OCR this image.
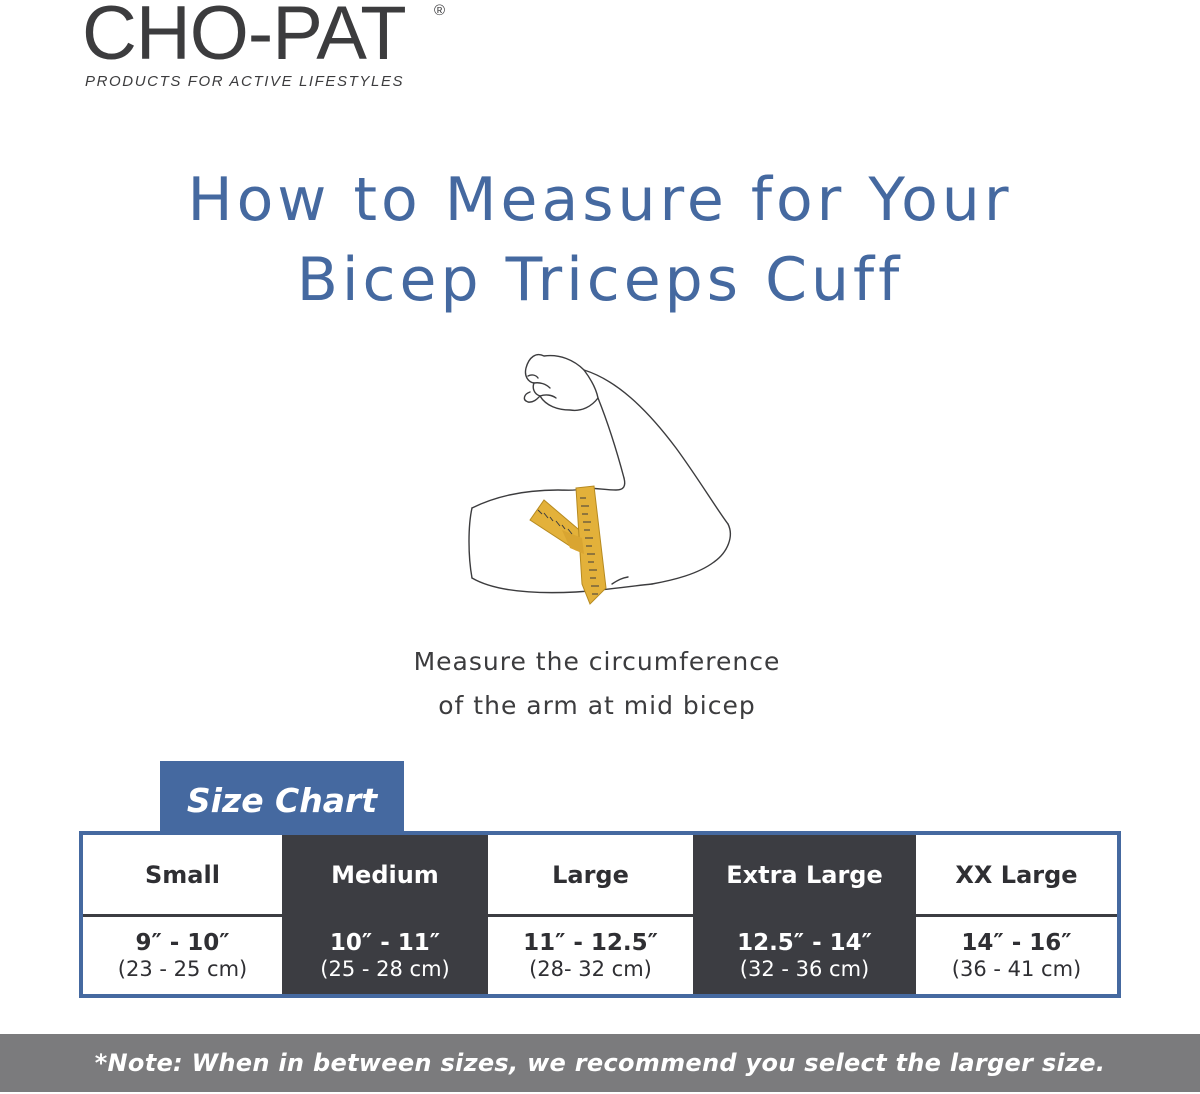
CHO-PAT ®
PRODUCTS FOR ACTIVE LIFESTYLES
How to Measure for Your
Bicep Triceps Cuff
Measure the circumference
of the arm at mid bicep
Size Chart
Small
9″ - 10″
(23 - 25 cm)
Medium
10″ - 11″
(25 - 28 cm)
Large
11″ - 12.5″
(28- 32 cm)
Extra Large
12.5″ - 14″
(32 - 36 cm)
XX Large
14″ - 16″
(36 - 41 cm)
*Note: When in between sizes, we recommend you select the larger size.
